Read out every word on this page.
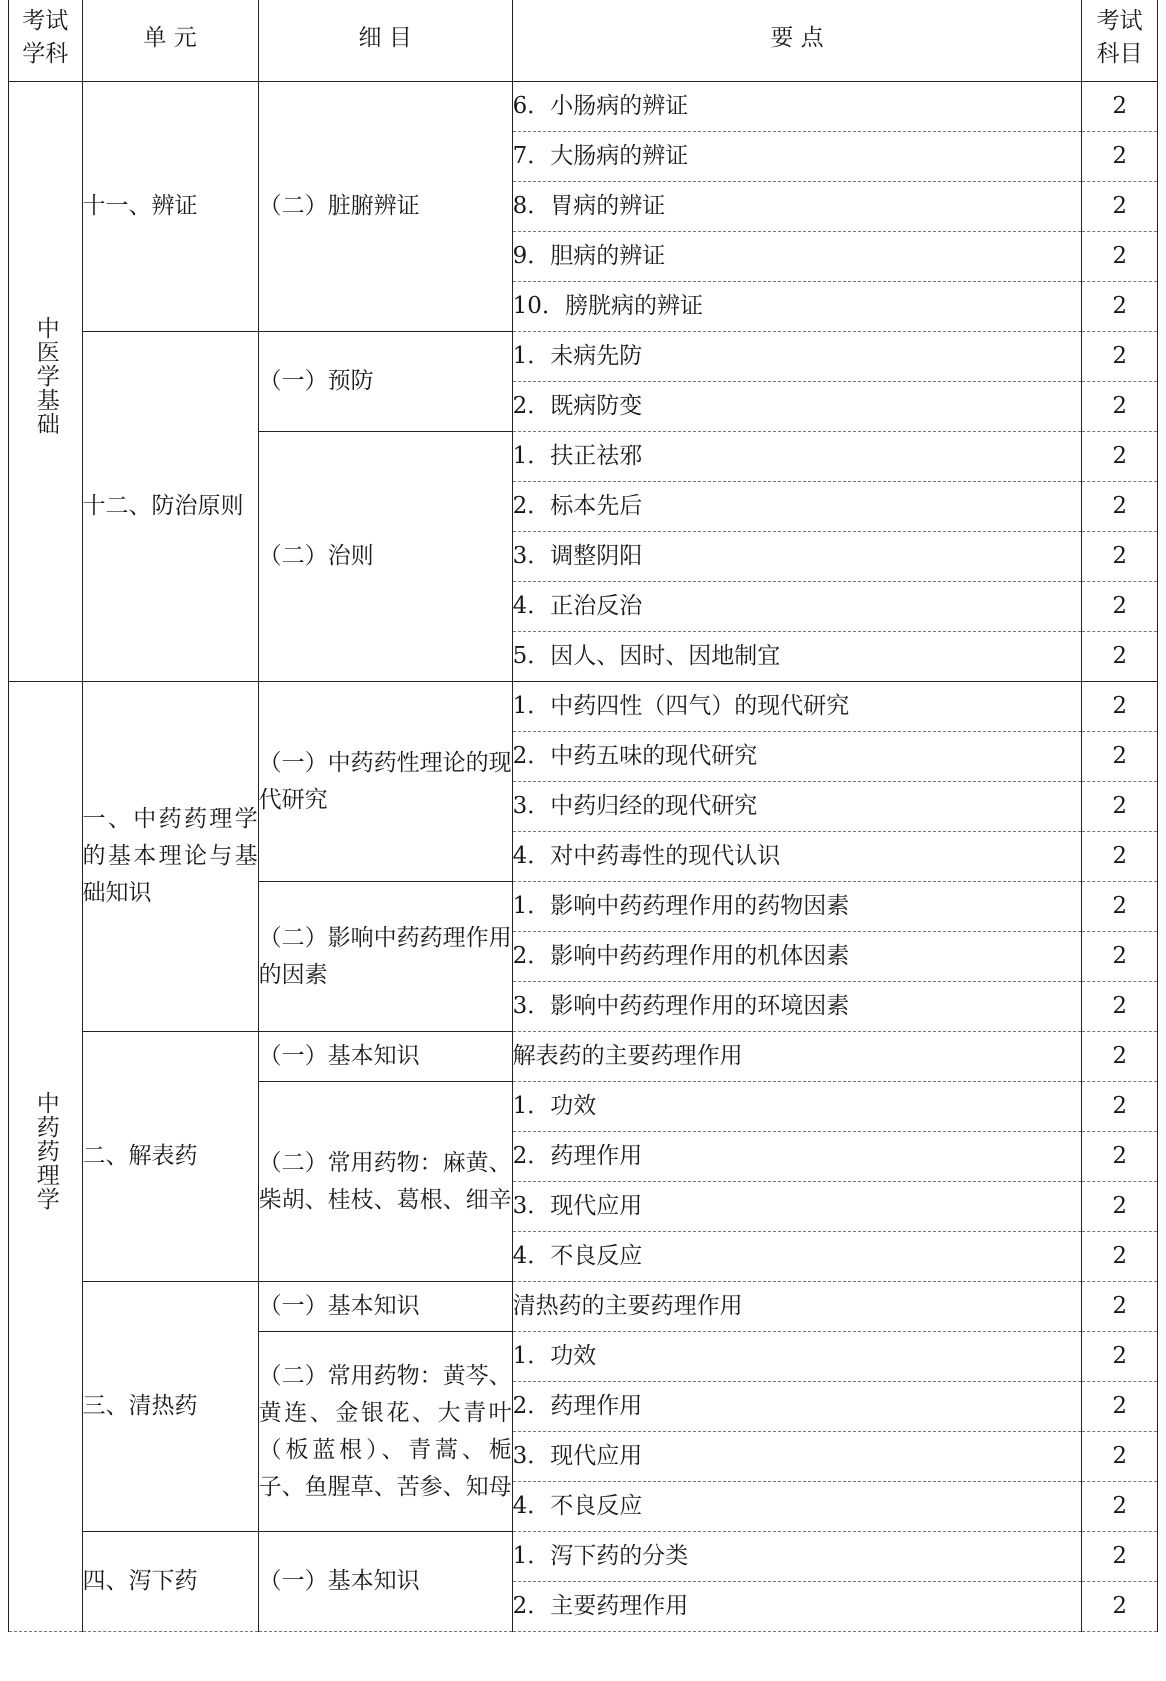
考试学科	单 元	细 目	要 点	考试科目
中医学基础	十一、辨证	（二）脏腑辨证	6．小肠病的辨证	2
			7．大肠病的辨证	2
			8．胃病的辨证	2
			9．胆病的辨证	2
			10．膀胱病的辨证	2
	十二、防治原则	（一）预防	1．未病先防	2
			2．既病防变	2
		（二）治则	1．扶正祛邪	2
			2．标本先后	2
			3．调整阴阳	2
			4．正治反治	2
			5．因人、因时、因地制宜	2
中药药理学	一、中药药理学的基本理论与基础知识	（一）中药药性理论的现代研究	1．中药四性（四气）的现代研究	2
			2．中药五味的现代研究	2
			3．中药归经的现代研究	2
			4．对中药毒性的现代认识	2
		（二）影响中药药理作用的因素	1．影响中药药理作用的药物因素	2
			2．影响中药药理作用的机体因素	2
			3．影响中药药理作用的环境因素	2
	二、解表药	（一）基本知识	解表药的主要药理作用	2
		（二）常用药物：麻黄、柴胡、桂枝、葛根、细辛	1．功效	2
			2．药理作用	2
			3．现代应用	2
			4．不良反应	2
	三、清热药	（一）基本知识	清热药的主要药理作用	2
		（二）常用药物：黄芩、黄连、金银花、大青叶（板蓝根）、青蒿、栀子、鱼腥草、苦参、知母	1．功效	2
			2．药理作用	2
			3．现代应用	2
			4．不良反应	2
	四、泻下药	（一）基本知识	1．泻下药的分类	2
			2．主要药理作用	2
